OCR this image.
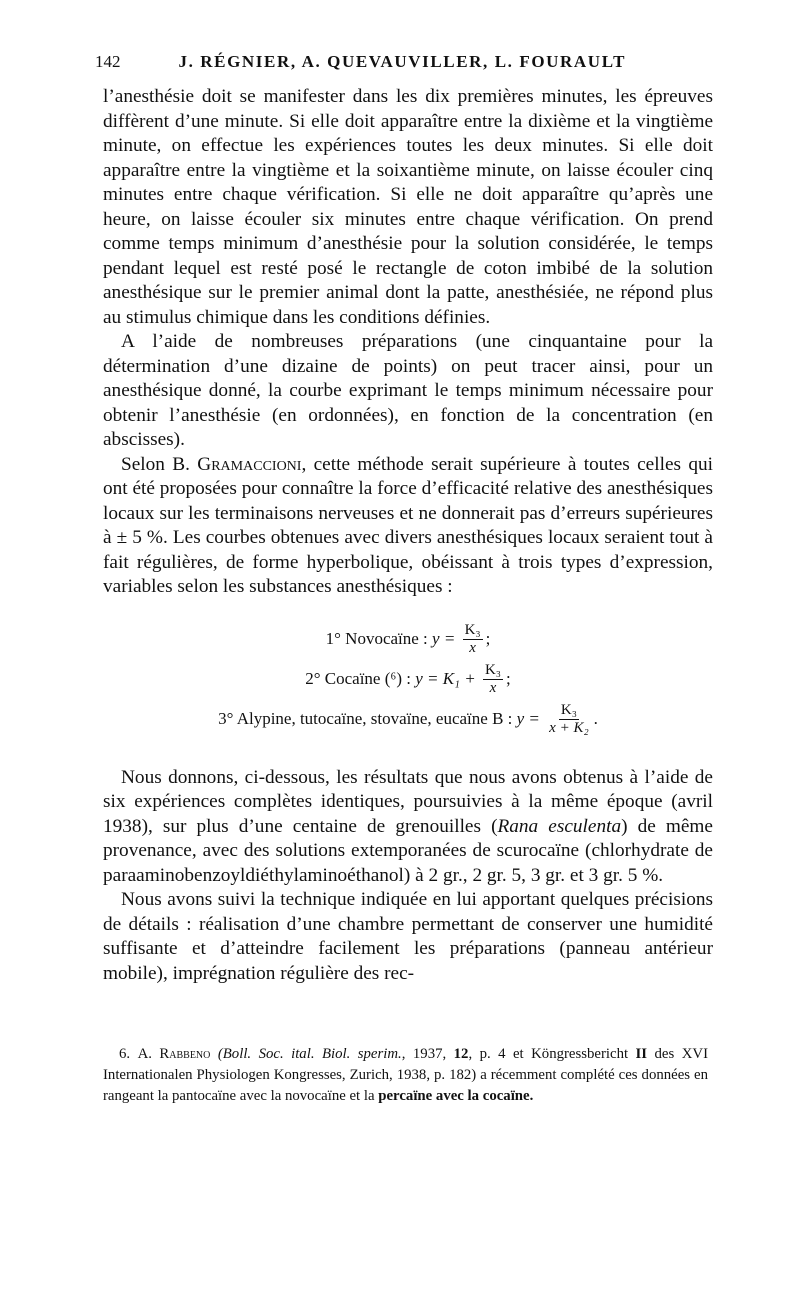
142	J. RÉGNIER, A. QUEVAUVILLER, L. FOURAULT

l’anesthésie doit se manifester dans les dix premières minutes, les épreuves diffèrent d’une minute. Si elle doit apparaître entre la dixième et la vingtième minute, on effectue les expériences toutes les deux minutes. Si elle doit apparaître entre la vingtième et la soixantième minute, on laisse écouler cinq minutes entre chaque vérification. Si elle ne doit apparaître qu’après une heure, on laisse écouler six minutes entre chaque vérification. On prend comme temps minimum d’anesthésie pour la solution considérée, le temps pendant lequel est resté posé le rectangle de coton imbibé de la solution anesthésique sur le premier animal dont la patte, anesthésiée, ne répond plus au stimulus chimique dans les conditions définies.

A l’aide de nombreuses préparations (une cinquantaine pour la détermination d’une dizaine de points) on peut tracer ainsi, pour un anesthésique donné, la courbe exprimant le temps minimum nécessaire pour obtenir l’anesthésie (en ordonnées), en fonction de la concentration (en abscisses).

Selon B. Gramaccioni, cette méthode serait supérieure à toutes celles qui ont été proposées pour connaître la force d’efficacité relative des anesthésiques locaux sur les terminaisons nerveuses et ne donnerait pas d’erreurs supérieures à ± 5 %. Les courbes obtenues avec divers anesthésiques locaux seraient tout à fait régulières, de forme hyperbolique, obéissant à trois types d’expression, variables selon les substances anesthésiques :

1° Novocaïne : $y = \frac{\text{K₃}}{x}$ ;
2° Cocaïne (⁶) : $y = K_1 + \frac{\text{K₃}}{x}$ ;
3° Alypine, tutocaïne, stovaïne, eucaïne B : $y = \frac{\text{K₃}}{\text{x + K₂}}$ .

Nous donnons, ci-dessous, les résultats que nous avons obtenus à l’aide de six expériences complètes identiques, poursuivies à la même époque (avril 1938), sur plus d’une centaine de grenouilles (Rana esculenta) de même provenance, avec des solutions extemporanées de scurocaïne (chlorhydrate de paraaminobenzoyldiéthylaminoéthanol) à 2 gr., 2 gr. 5, 3 gr. et 3 gr. 5 %.

Nous avons suivi la technique indiquée en lui apportant quelques précisions de détails : réalisation d’une chambre permettant de conserver une humidité suffisante et d’atteindre facilement les préparations (panneau antérieur mobile), imprégnation régulière des rec-

6. A. Rabbeno (Boll. Soc. ital. Biol. sperim., 1937, 12, p. 4 et Köngressbericht II des XVI Internationalen Physiologen Kongresses, Zurich, 1938, p. 182) a récemment complété ces données en rangeant la pantocaïne avec la novocaïne et la percaïne avec la cocaïne.
